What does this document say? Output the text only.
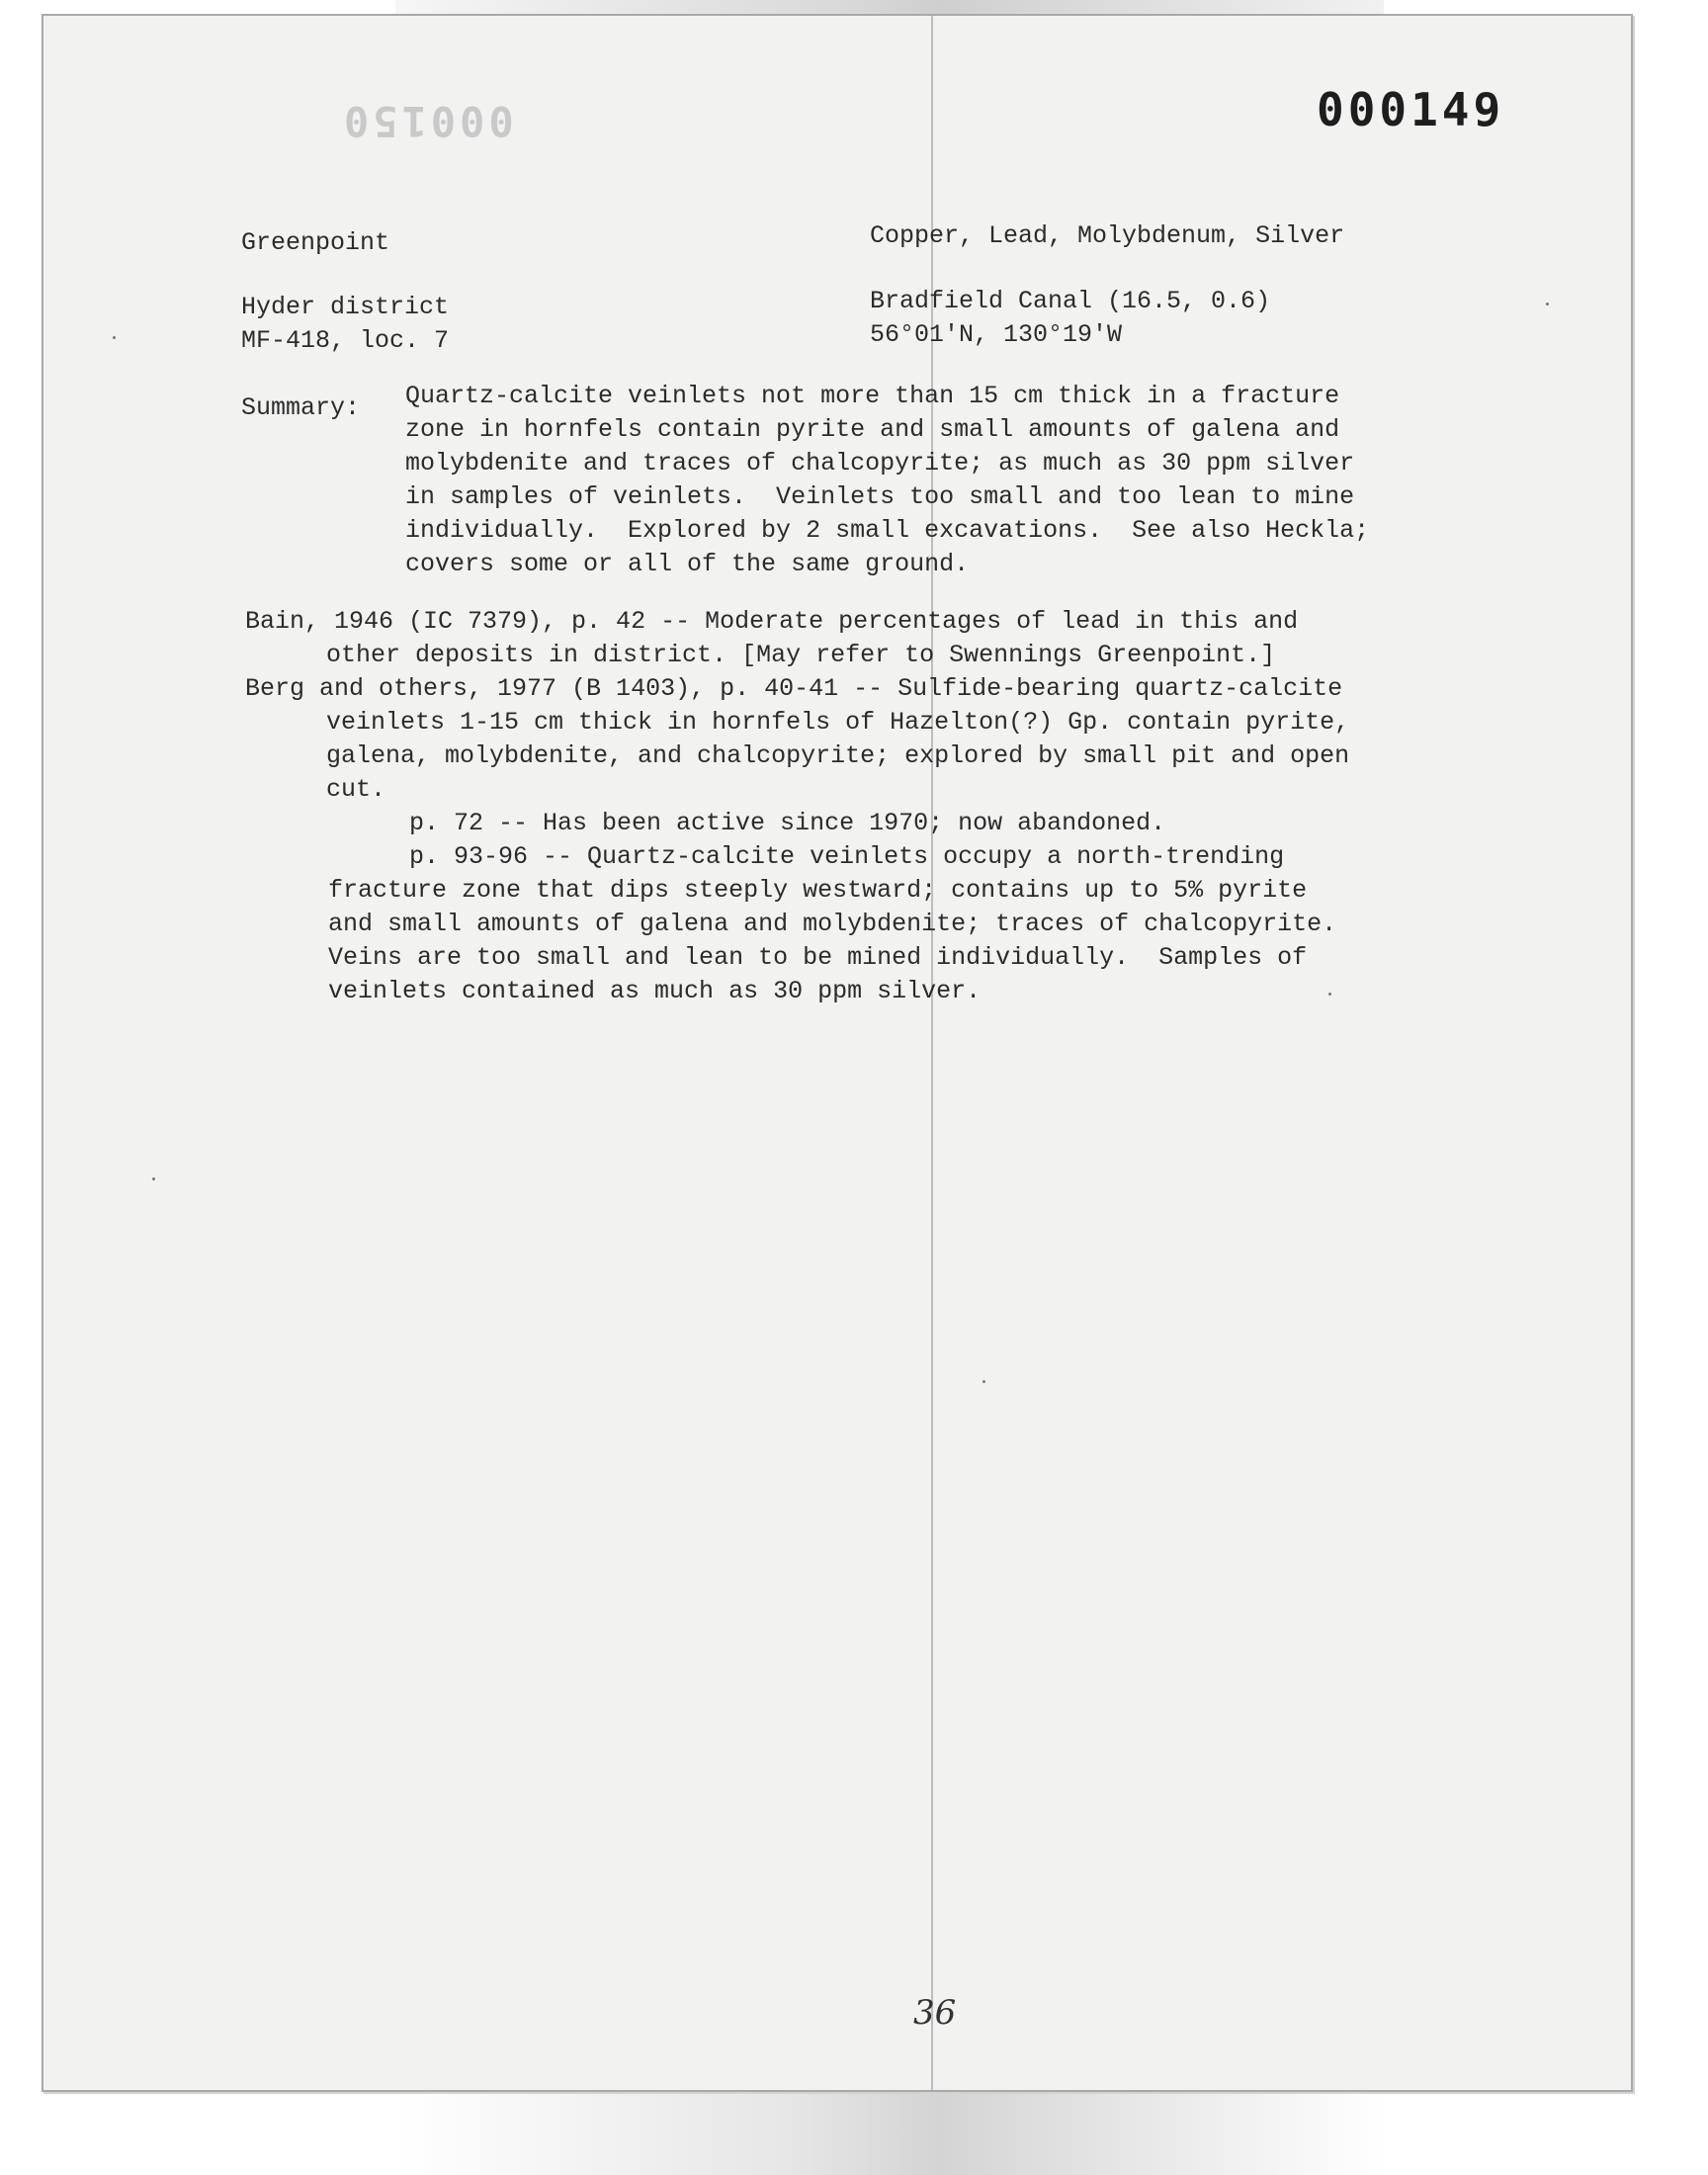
000150	000149
Greenpoint	Copper, Lead, Molybdenum, Silver
Hyder district	Bradfield Canal (16.5, 0.6)
MF-418, loc. 7	56°01'N, 130°19'W
Summary: Quartz-calcite veinlets not more than 15 cm thick in a fracture
zone in hornfels contain pyrite and small amounts of galena and
molybdenite and traces of chalcopyrite; as much as 30 ppm silver
in samples of veinlets.  Veinlets too small and too lean to mine
individually.  Explored by 2 small excavations.  See also Heckla;
covers some or all of the same ground.
Bain, 1946 (IC 7379), p. 42 -- Moderate percentages of lead in this and
other deposits in district. [May refer to Swennings Greenpoint.]
Berg and others, 1977 (B 1403), p. 40-41 -- Sulfide-bearing quartz-calcite
veinlets 1-15 cm thick in hornfels of Hazelton(?) Gp. contain pyrite,
galena, molybdenite, and chalcopyrite; explored by small pit and open
cut.
p. 72 -- Has been active since 1970; now abandoned.
p. 93-96 -- Quartz-calcite veinlets occupy a north-trending
fracture zone that dips steeply westward; contains up to 5% pyrite
and small amounts of galena and molybdenite; traces of chalcopyrite.
Veins are too small and lean to be mined individually.  Samples of
veinlets contained as much as 30 ppm silver.
36
